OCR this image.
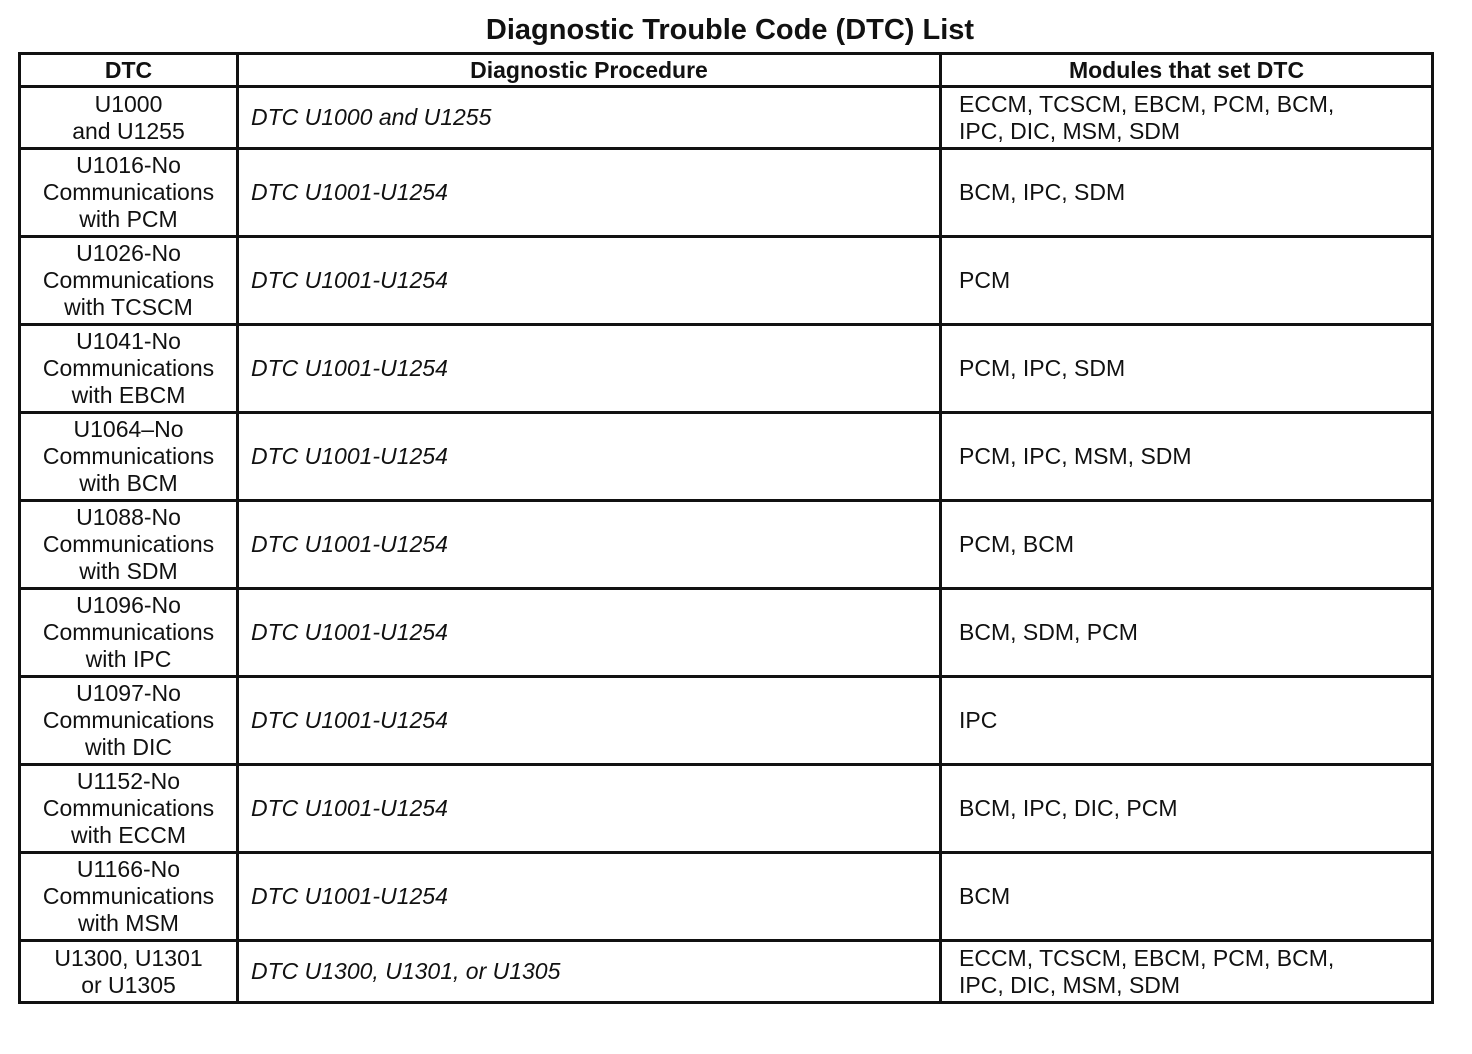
Diagnostic Trouble Code (DTC) List
DTC	Diagnostic Procedure	Modules that set DTC
U1000
and U1255	DTC U1000 and U1255	ECCM, TCSCM, EBCM, PCM, BCM,
IPC, DIC, MSM, SDM
U1016-No
Communications
with PCM	DTC U1001-U1254	BCM, IPC, SDM
U1026-No
Communications
with TCSCM	DTC U1001-U1254	PCM
U1041-No
Communications
with EBCM	DTC U1001-U1254	PCM, IPC, SDM
U1064–No
Communications
with BCM	DTC U1001-U1254	PCM, IPC, MSM, SDM
U1088-No
Communications
with SDM	DTC U1001-U1254	PCM, BCM
U1096-No
Communications
with IPC	DTC U1001-U1254	BCM, SDM, PCM
U1097-No
Communications
with DIC	DTC U1001-U1254	IPC
U1152-No
Communications
with ECCM	DTC U1001-U1254	BCM, IPC, DIC, PCM
U1166-No
Communications
with MSM	DTC U1001-U1254	BCM
U1300, U1301
or U1305	DTC U1300, U1301, or U1305	ECCM, TCSCM, EBCM, PCM, BCM,
IPC, DIC, MSM, SDM
